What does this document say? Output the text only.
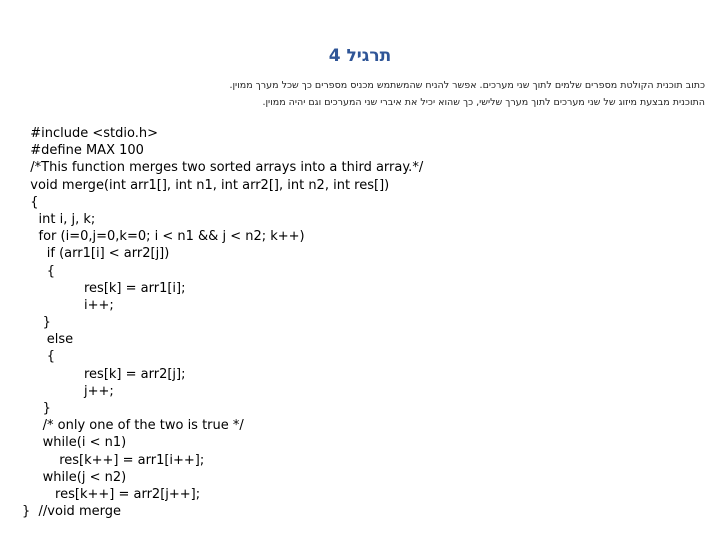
תרגיל 4
כתוב תוכנית הקולטת מספרים שלמים לתוך שני מערכים. אפשר להניח שהמשתמש מכניס מספרים כך שכל מערך ממוין.
התוכנית מבצעת מיזוג של שני מערכים לתוך מערך שלישי, כך שהוא יכיל את איברי שני המערכים וגם יהיה ממוין.
#include <stdio.h>
#define MAX 100
/*This function merges two sorted arrays into a third array.*/
void merge(int arr1[], int n1, int arr2[], int n2, int res[])
{
int i, j, k;
for (i=0,j=0,k=0; i < n1 && j < n2; k++)
if (arr1[i] < arr2[j])
{
res[k] = arr1[i];
i++;
}
else
{
res[k] = arr2[j];
j++;
}
/* only one of the two is true */
while(i < n1)
res[k++] = arr1[i++];
while(j < n2)
res[k++] = arr2[j++];
}  //void merge
